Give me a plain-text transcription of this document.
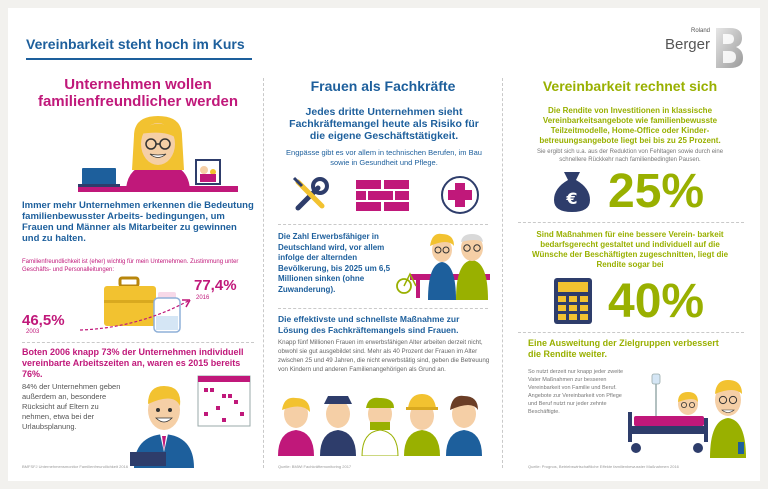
Vereinbarkeit steht hoch im Kurs
Roland
Berger
Unternehmen wollen
familienfreundlicher werden
Immer mehr Unternehmen erkennen die Bedeutung familienbewusster Arbeits- bedingungen, um Frauen und Männer als Mitarbeiter zu gewinnen und zu halten.
Familienfreundlichkeit ist (eher) wichtig für mein Unternehmen. Zustimmung unter Geschäfts- und Personalleitungen:
46,5%
2003
77,4%
2016
Boten 2006 knapp 73% der Unternehmen individuell vereinbarte Arbeitszeiten an, waren es 2015 bereits 76%.
84% der Unternehmen geben außerdem an, besondere Rücksicht auf Eltern zu nehmen, etwa bei der Urlaubsplanung.
BMFSFJ Unternehmensmonitor Familienfreundlichkeit 2016
Frauen als Fachkräfte
Jedes dritte Unternehmen sieht Fachkräftemangel heute als Risiko für die eigene Geschäftstätigkeit.
Engpässe gibt es vor allem in technischen Berufen, im Bau sowie in Gesundheit und Pflege.
Die Zahl Erwerbsfähiger in Deutschland wird, vor allem infolge der alternden Bevölkerung, bis 2025 um 6,5 Millionen sinken (ohne Zuwanderung).
Die effektivste und schnellste Maßnahme zur Lösung des Fachkräftemangels sind Frauen.
Knapp fünf Millionen Frauen im erwerbsfähigen Alter arbeiten derzeit nicht, obwohl sie gut ausgebildet sind. Mehr als 40 Prozent der Frauen im Alter zwischen 25 und 49 Jahren, die nicht erwerbstätig sind, geben die Betreuung von Kindern und anderen Familienangehörigen als Grund an.
Quelle: BMWi Fachkräftemonitoring 2017
Vereinbarkeit rechnet sich
Die Rendite von Investitionen in klassische Vereinbarkeitsangebote wie familienbewusste Teilzeitmodelle, Home-Office oder Kinder- betreuungsangebote liegt bei bis zu 25 Prozent.
Sie ergibt sich u.a. aus der Reduktion von Fehltagen sowie durch eine schnellere Rückkehr nach familienbedingten Pausen.
€ 25%
Sind Maßnahmen für eine bessere Verein- barkeit bedarfsgerecht gestaltet und individuell auf die Wünsche der Beschäftigten zugeschnitten, liegt die Rendite sogar bei
40%
Eine Ausweitung der Zielgruppen verbessert die Rendite weiter.
So nutzt derzeit nur knapp jeder zweite Vater Maßnahmen zur besseren Vereinbarkeit von Familie und Beruf. Angebote zur Vereinbarkeit von Pflege und Beruf nutzt nur jeder zehnte Beschäftigte.
Quelle: Prognos, Betriebswirtschaftliche Effekte familienbewusster Maßnahmen 2016
